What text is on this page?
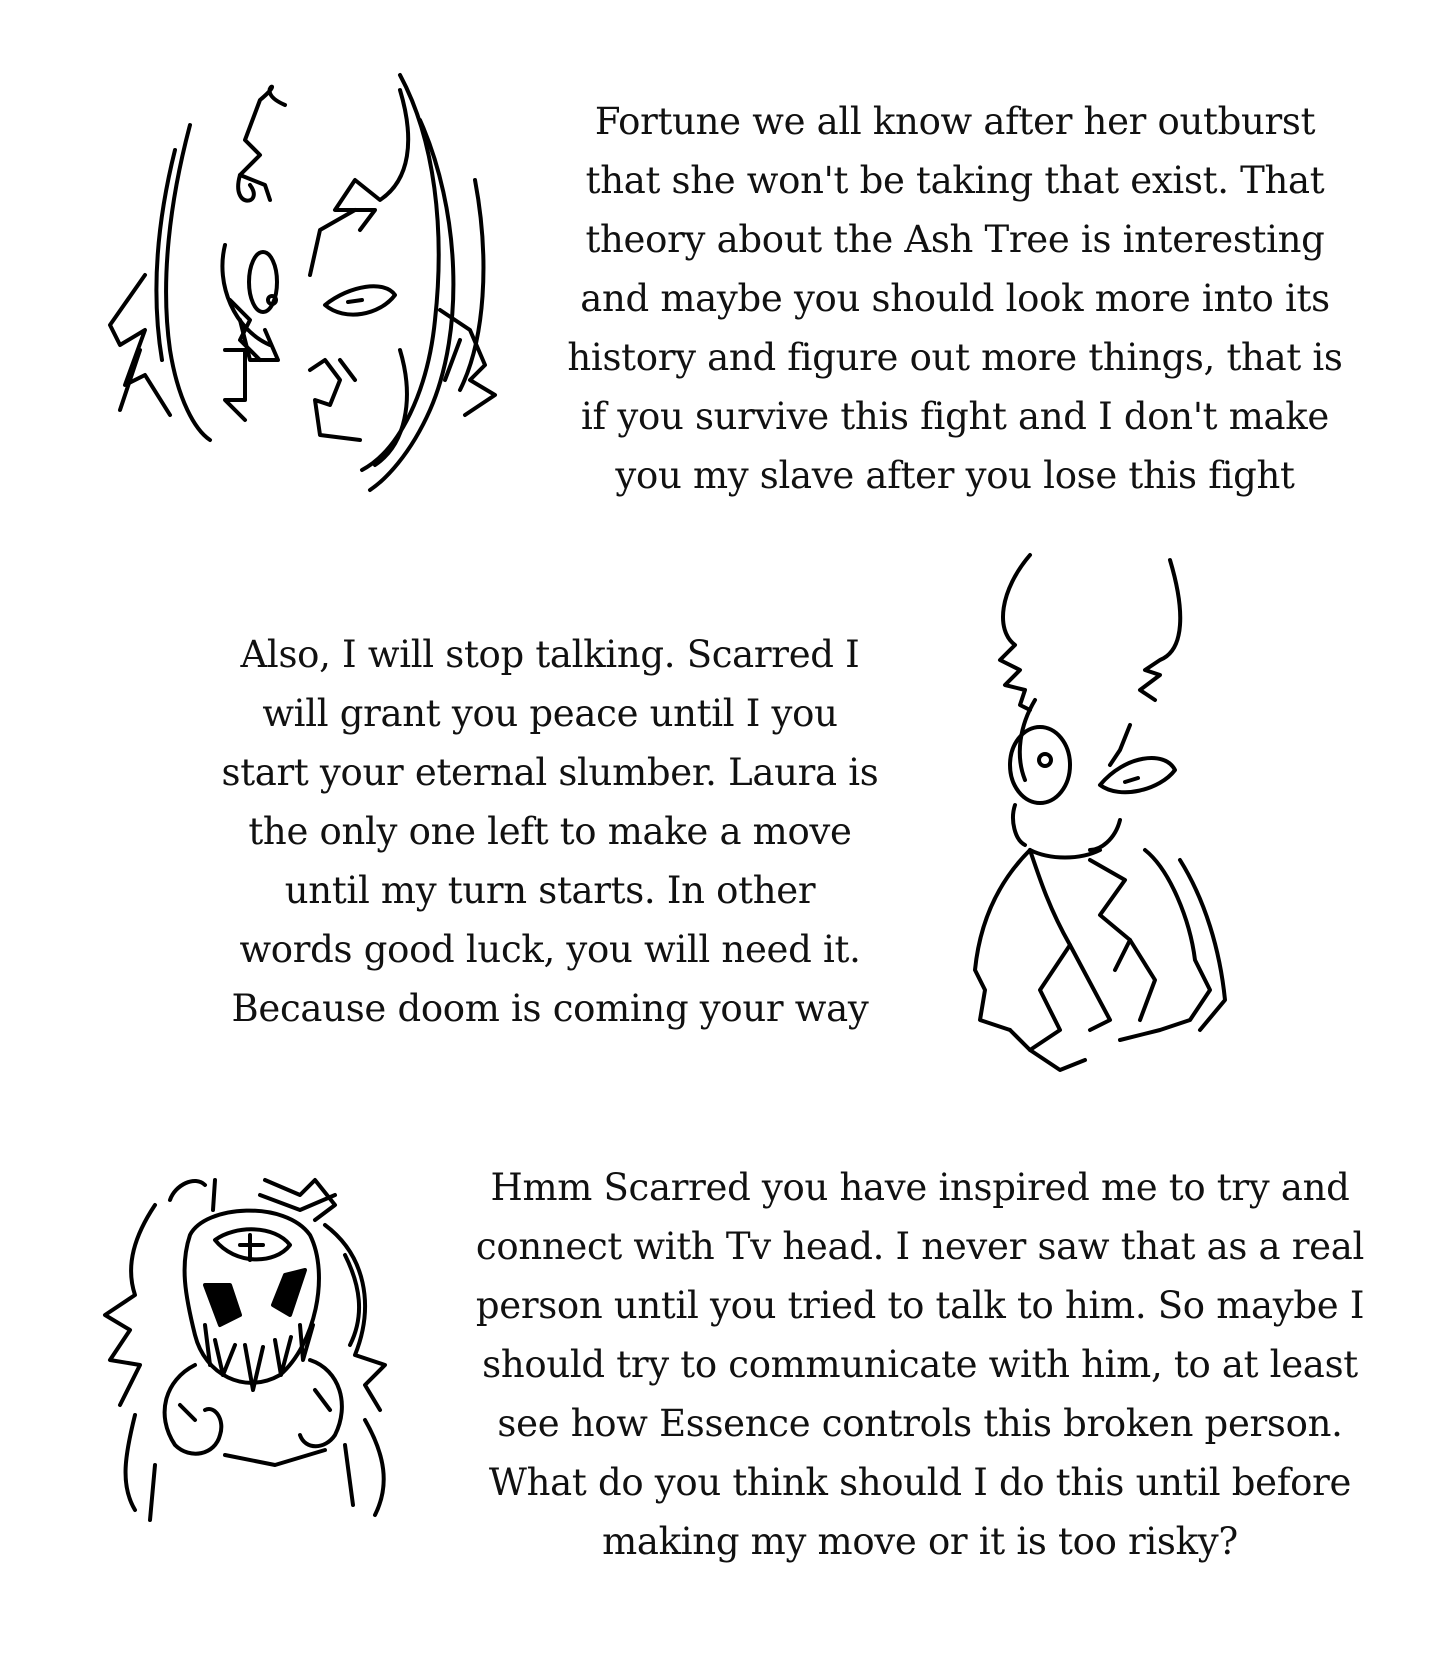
Fortune we all know after her outburst
that she won't be taking that exist. That
theory about the Ash Tree is interesting
and maybe you should look more into its
history and figure out more things, that is
if you survive this fight and I don't make
you my slave after you lose this fight
Also, I will stop talking. Scarred I
will grant you peace until I you
start your eternal slumber. Laura is
the only one left to make a move
until my turn starts. In other
words good luck, you will need it.
Because doom is coming your way
Hmm Scarred you have inspired me to try and
connect with Tv head. I never saw that as a real
person until you tried to talk to him. So maybe I
should try to communicate with him, to at least
see how Essence controls this broken person.
What do you think should I do this until before
making my move or it is too risky?
